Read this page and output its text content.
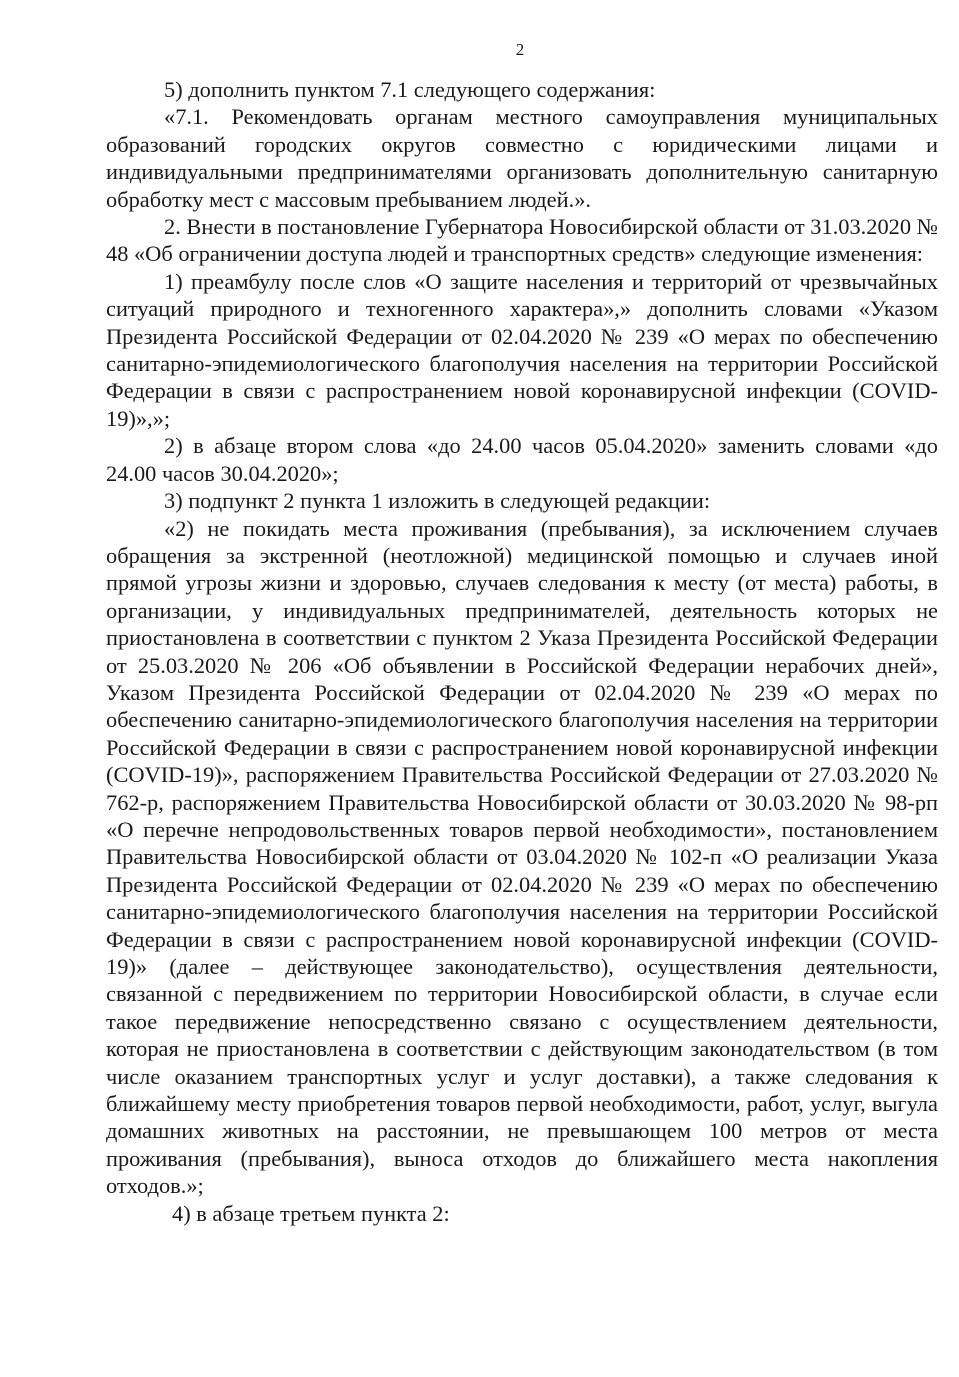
2

5) дополнить пунктом 7.1 следующего содержания:

«7.1. Рекомендовать органам местного самоуправления муниципальных образований городских округов совместно с юридическими лицами и индивидуальными предпринимателями организовать дополнительную санитарную обработку мест с массовым пребыванием людей.».

2. Внести в постановление Губернатора Новосибирской области от 31.03.2020 № 48 «Об ограничении доступа людей и транспортных средств» следующие изменения:

1) преамбулу после слов «О защите населения и территорий от чрезвычайных ситуаций природного и техногенного характера»,» дополнить словами «Указом Президента Российской Федерации от 02.04.2020 № 239 «О мерах по обеспечению санитарно-эпидемиологического благополучия населения на территории Российской Федерации в связи с распространением новой коронавирусной инфекции (COVID-19)»,»;

2) в абзаце втором слова «до 24.00 часов 05.04.2020» заменить словами «до 24.00 часов 30.04.2020»;

3) подпункт 2 пункта 1 изложить в следующей редакции:

«2) не покидать места проживания (пребывания), за исключением случаев обращения за экстренной (неотложной) медицинской помощью и случаев иной прямой угрозы жизни и здоровью, случаев следования к месту (от места) работы, в организации, у индивидуальных предпринимателей, деятельность которых не приостановлена в соответствии с пунктом 2 Указа Президента Российской Федерации от 25.03.2020 № 206 «Об объявлении в Российской Федерации нерабочих дней», Указом Президента Российской Федерации от 02.04.2020 № 239 «О мерах по обеспечению санитарно-эпидемиологического благополучия населения на территории Российской Федерации в связи с распространением новой коронавирусной инфекции (COVID-19)», распоряжением Правительства Российской Федерации от 27.03.2020 № 762-р, распоряжением Правительства Новосибирской области от 30.03.2020 № 98-рп «О перечне непродовольственных товаров первой необходимости», постановлением Правительства Новосибирской области от 03.04.2020 № 102-п «О реализации Указа Президента Российской Федерации от 02.04.2020 № 239 «О мерах по обеспечению санитарно-эпидемиологического благополучия населения на территории Российской Федерации в связи с распространением новой коронавирусной инфекции (COVID-19)» (далее – действующее законодательство), осуществления деятельности, связанной с передвижением по территории Новосибирской области, в случае если такое передвижение непосредственно связано с осуществлением деятельности, которая не приостановлена в соответствии с действующим законодательством (в том числе оказанием транспортных услуг и услуг доставки), а также следования к ближайшему месту приобретения товаров первой необходимости, работ, услуг, выгула домашних животных на расстоянии, не превышающем 100 метров от места проживания (пребывания), выноса отходов до ближайшего места накопления отходов.»;

4) в абзаце третьем пункта 2:
